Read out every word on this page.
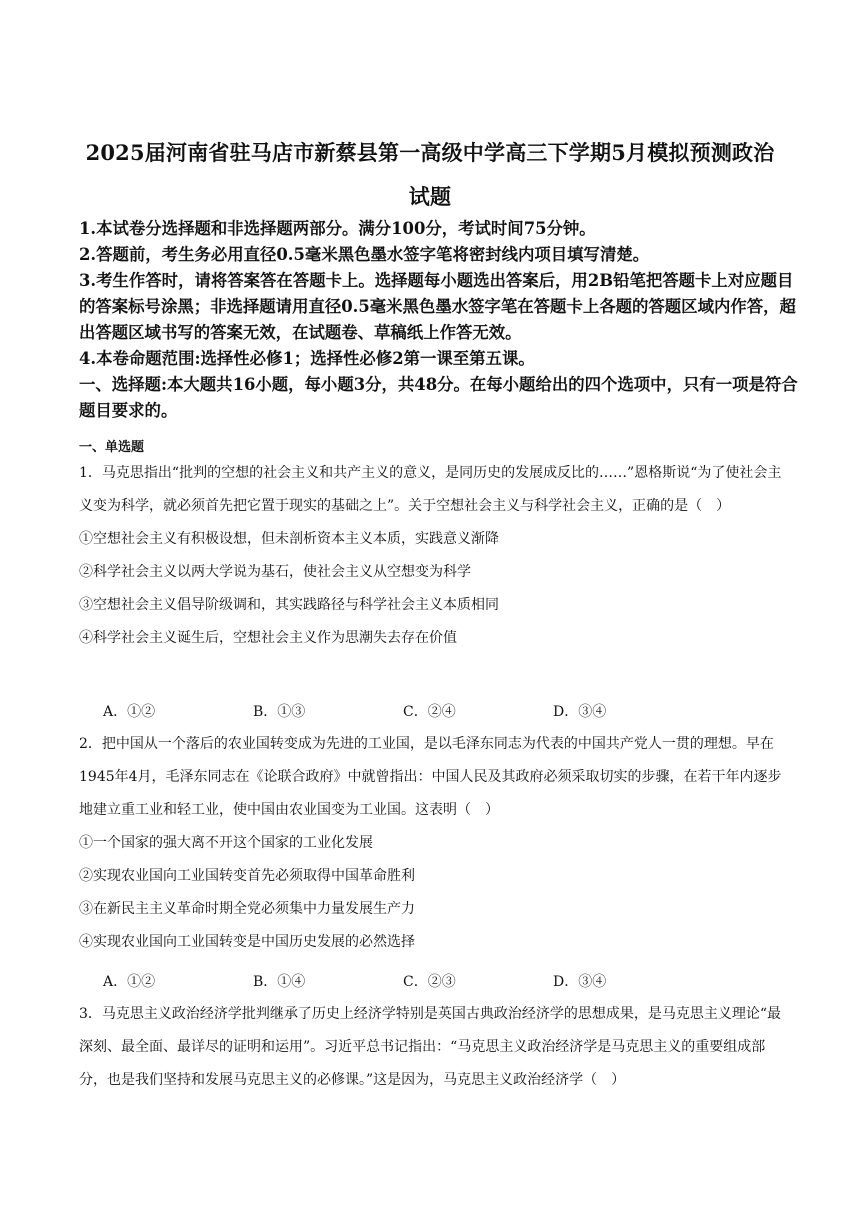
2025届河南省驻马店市新蔡县第一高级中学高三下学期5月模拟预测政治
试题

1.本试卷分选择题和非选择题两部分。满分100分，考试时间75分钟。

2.答题前，考生务必用直径0.5毫米黑色墨水签字笔将密封线内项目填写清楚。

3.考生作答时，请将答案答在答题卡上。选择题每小题选出答案后，用2B铅笔把答题卡上对应题目的答案标号涂黑；非选择题请用直径0.5毫米黑色墨水签字笔在答题卡上各题的答题区域内作答，超出答题区域书写的答案无效，在试题卷、草稿纸上作答无效。

4.本卷命题范围:选择性必修1；选择性必修2第一课至第五课。

一、选择题:本大题共16小题，每小题3分，共48分。在每小题给出的四个选项中，只有一项是符合题目要求的。

一、单选题

1．马克思指出“批判的空想的社会主义和共产主义的意义，是同历史的发展成反比的……”恩格斯说“为了使社会主义变为科学，就必须首先把它置于现实的基础之上”。关于空想社会主义与科学社会主义，正确的是（　）

①空想社会主义有积极设想，但未剖析资本主义本质，实践意义渐降

②科学社会主义以两大学说为基石，使社会主义从空想变为科学

③空想社会主义倡导阶级调和，其实践路径与科学社会主义本质相同

④科学社会主义诞生后，空想社会主义作为思潮失去存在价值

A．①②	B．①③	C．②④	D．③④

2．把中国从一个落后的农业国转变成为先进的工业国，是以毛泽东同志为代表的中国共产党人一贯的理想。早在1945年4月，毛泽东同志在《论联合政府》中就曾指出：中国人民及其政府必须采取切实的步骤，在若干年内逐步地建立重工业和轻工业，使中国由农业国变为工业国。这表明（　）

①一个国家的强大离不开这个国家的工业化发展

②实现农业国向工业国转变首先必须取得中国革命胜利

③在新民主主义革命时期全党必须集中力量发展生产力

④实现农业国向工业国转变是中国历史发展的必然选择

A．①②	B．①④	C．②③	D．③④

3．马克思主义政治经济学批判继承了历史上经济学特别是英国古典政治经济学的思想成果，是马克思主义理论“最深刻、最全面、最详尽的证明和运用”。习近平总书记指出：“马克思主义政治经济学是马克思主义的重要组成部分，也是我们坚持和发展马克思主义的必修课。”这是因为，马克思主义政治经济学（　）
